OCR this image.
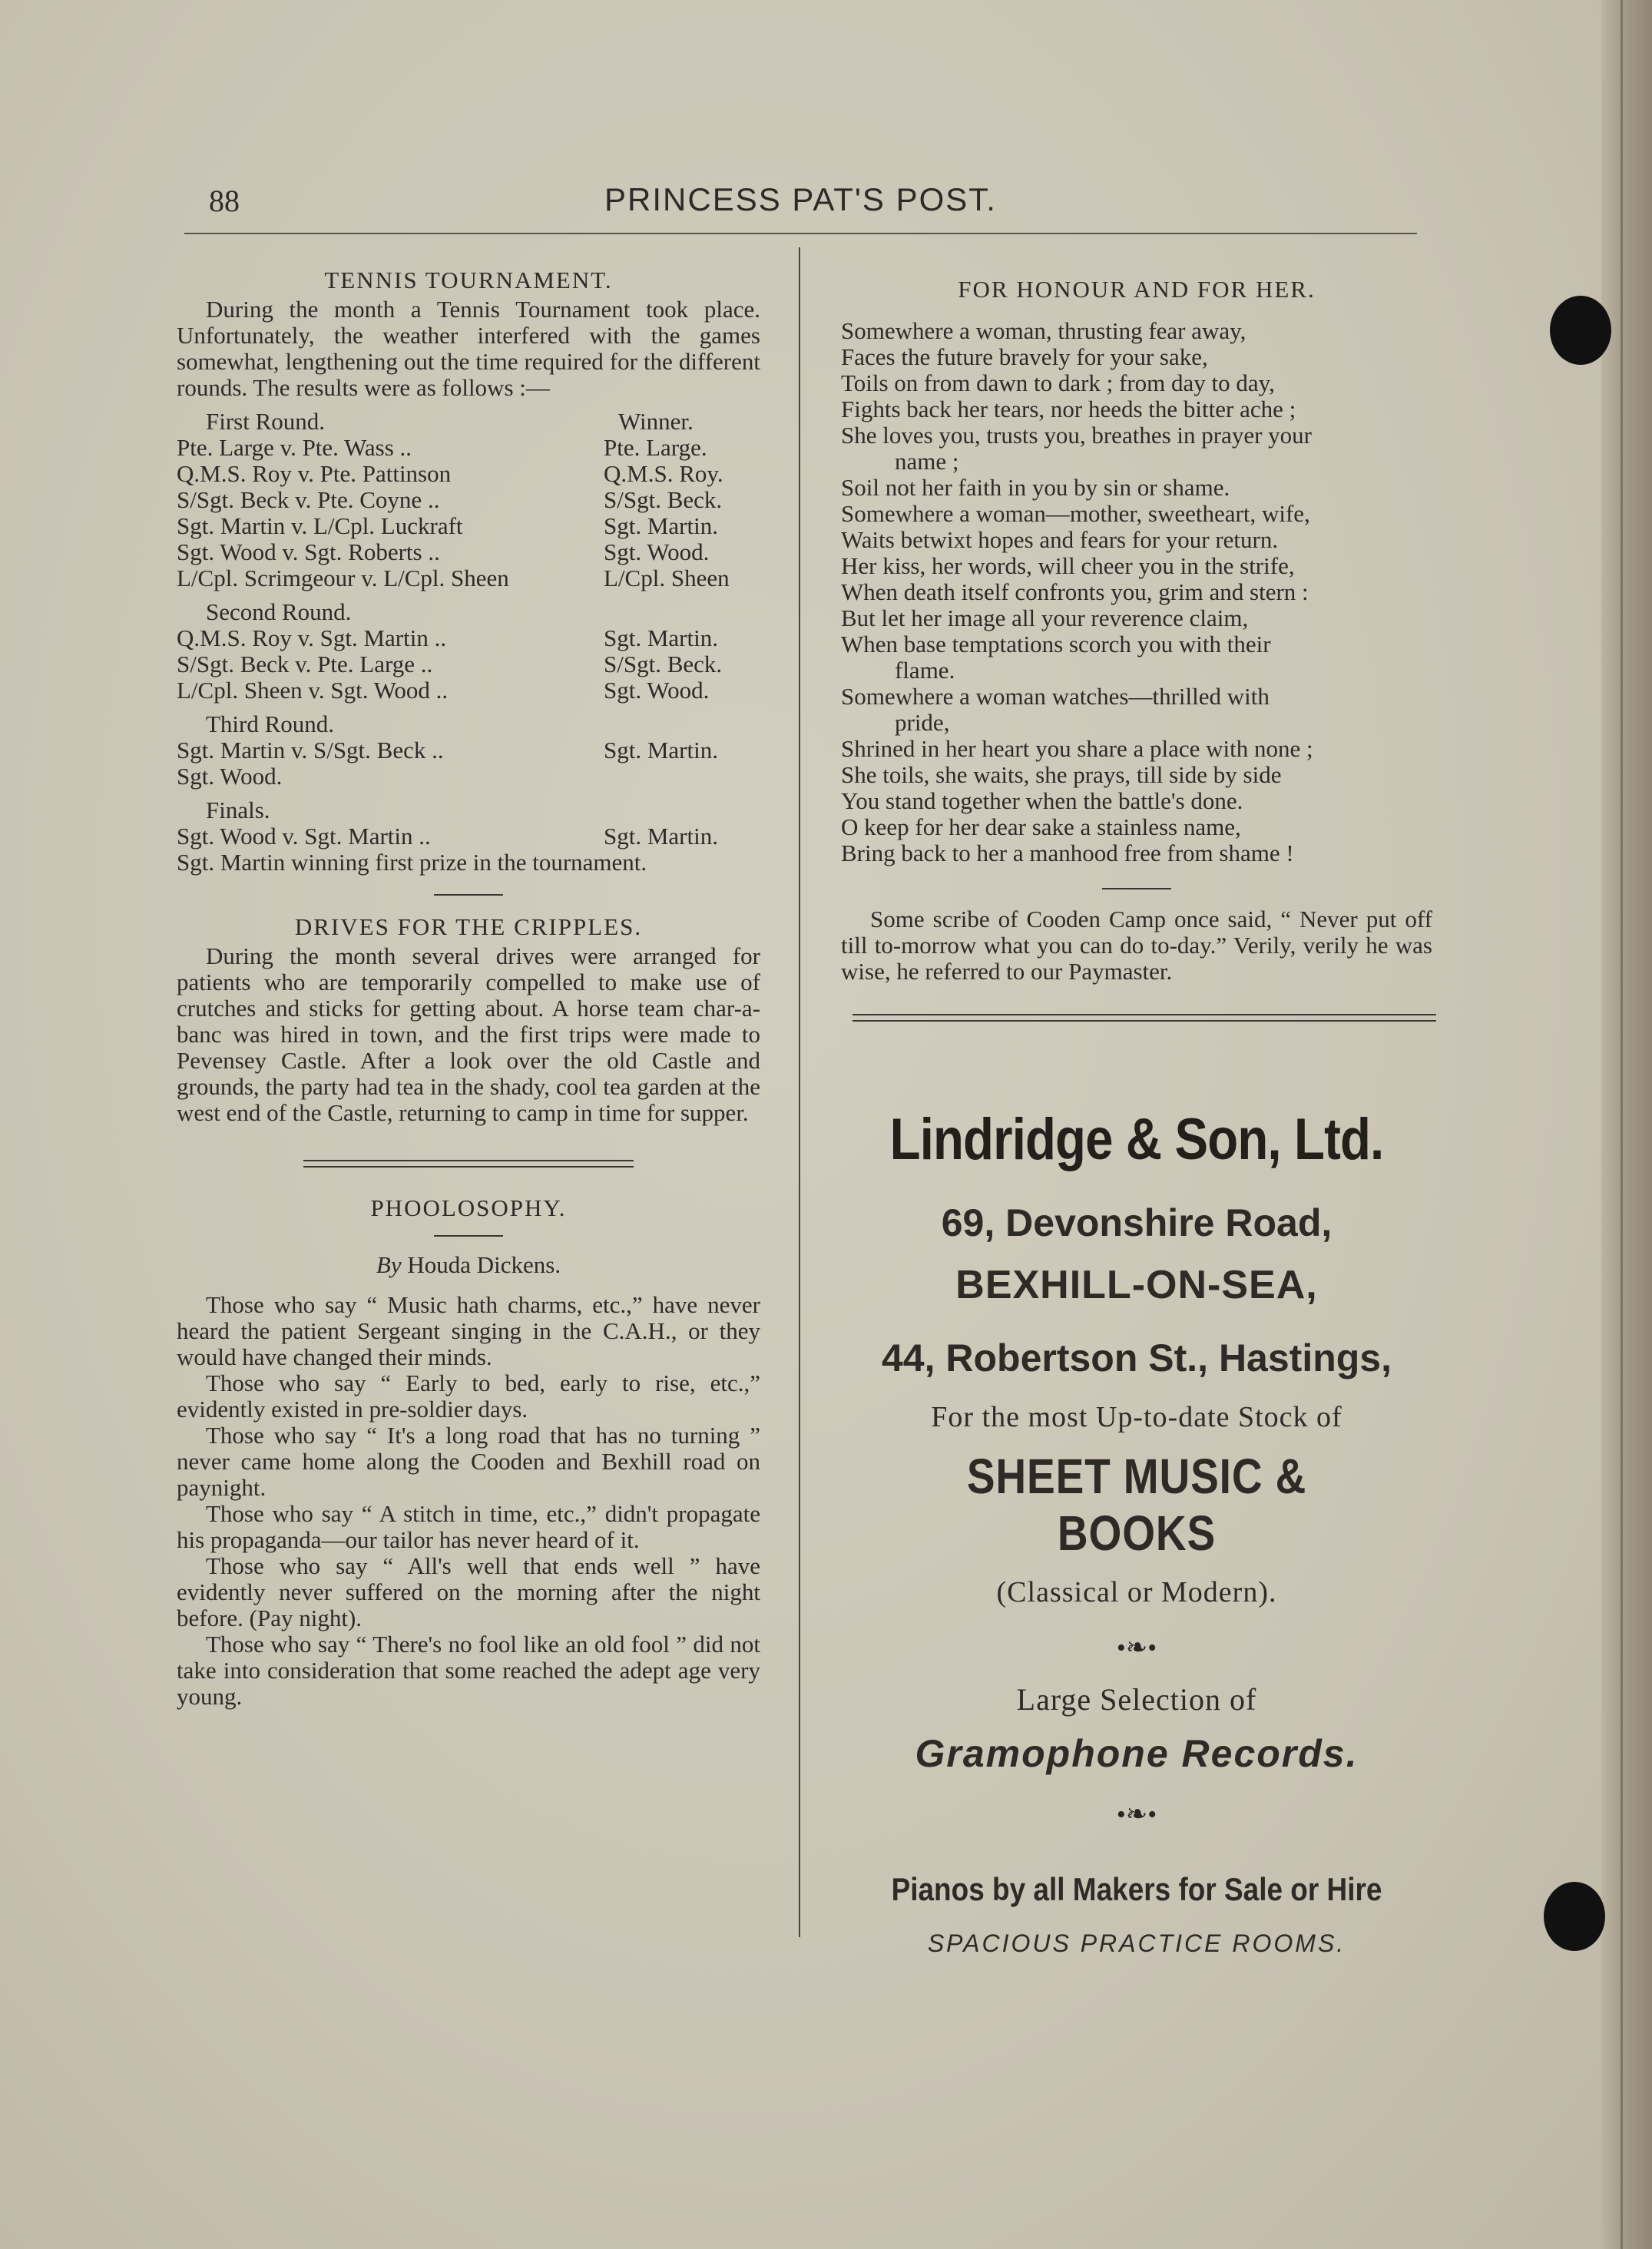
88	PRINCESS PAT'S POST.
TENNIS TOURNAMENT.

During the month a Tennis Tournament took place. Unfortunately, the weather interfered with the games somewhat, lengthening out the time required for the different rounds. The results were as follows :—

First Round.	Winner.
Pte. Large v. Pte. Wass ..	Pte. Large.
Q.M.S. Roy v. Pte. Pattinson	Q.M.S. Roy.
S/Sgt. Beck v. Pte. Coyne ..	S/Sgt. Beck.
Sgt. Martin v. L/Cpl. Luckraft	Sgt. Martin.
Sgt. Wood v. Sgt. Roberts ..	Sgt. Wood.
L/Cpl. Scrimgeour v. L/Cpl. Sheen	L/Cpl. Sheen
Second Round.
Q.M.S. Roy v. Sgt. Martin ..	Sgt. Martin.
S/Sgt. Beck v. Pte. Large ..	S/Sgt. Beck.
L/Cpl. Sheen v. Sgt. Wood ..	Sgt. Wood.
Third Round.
Sgt. Martin v. S/Sgt. Beck ..	Sgt. Martin.
Sgt. Wood.
Finals.
Sgt. Wood v. Sgt. Martin ..	Sgt. Martin.

Sgt. Martin winning first prize in the tournament.

DRIVES FOR THE CRIPPLES.

During the month several drives were arranged for patients who are temporarily compelled to make use of crutches and sticks for getting about. A horse team char-a-banc was hired in town, and the first trips were made to Pevensey Castle. After a look over the old Castle and grounds, the party had tea in the shady, cool tea garden at the west end of the Castle, returning to camp in time for supper.

PHOOLOSOPHY.
By Houda Dickens.

Those who say “ Music hath charms, etc.,” have never heard the patient Sergeant singing in the C.A.H., or they would have changed their minds.

Those who say “ Early to bed, early to rise, etc.,” evidently existed in pre-soldier days.

Those who say “ It's a long road that has no turning ” never came home along the Cooden and Bexhill road on paynight.

Those who say “ A stitch in time, etc.,” didn't propagate his propaganda—our tailor has never heard of it.

Those who say “ All's well that ends well ” have evidently never suffered on the morning after the night before. (Pay night).

Those who say “ There's no fool like an old fool ” did not take into consideration that some reached the adept age very young.

FOR HONOUR AND FOR HER.
Somewhere a woman, thrusting fear away,
Faces the future bravely for your sake,
Toils on from dawn to dark ; from day to day,
Fights back her tears, nor heeds the bitter ache ;
She loves you, trusts you, breathes in prayer your
name ;
Soil not her faith in you by sin or shame.
Somewhere a woman—mother, sweetheart, wife,
Waits betwixt hopes and fears for your return.
Her kiss, her words, will cheer you in the strife,
When death itself confronts you, grim and stern :
But let her image all your reverence claim,
When base temptations scorch you with their
flame.
Somewhere a woman watches—thrilled with
pride,
Shrined in her heart you share a place with none ;
She toils, she waits, she prays, till side by side
You stand together when the battle's done.
O keep for her dear sake a stainless name,
Bring back to her a manhood free from shame !

Some scribe of Cooden Camp once said, “ Never put off till to-morrow what you can do to-day.” Verily, verily he was wise, he referred to our Paymaster.

Lindridge & Son, Ltd.
69, Devonshire Road,
BEXHILL-ON-SEA,
44, Robertson St., Hastings,
For the most Up-to-date Stock of
SHEET MUSIC & BOOKS
(Classical or Modern).
•❧•
Large Selection of
Gramophone Records.
•❧•
Pianos by all Makers for Sale or Hire
SPACIOUS PRACTICE ROOMS.
